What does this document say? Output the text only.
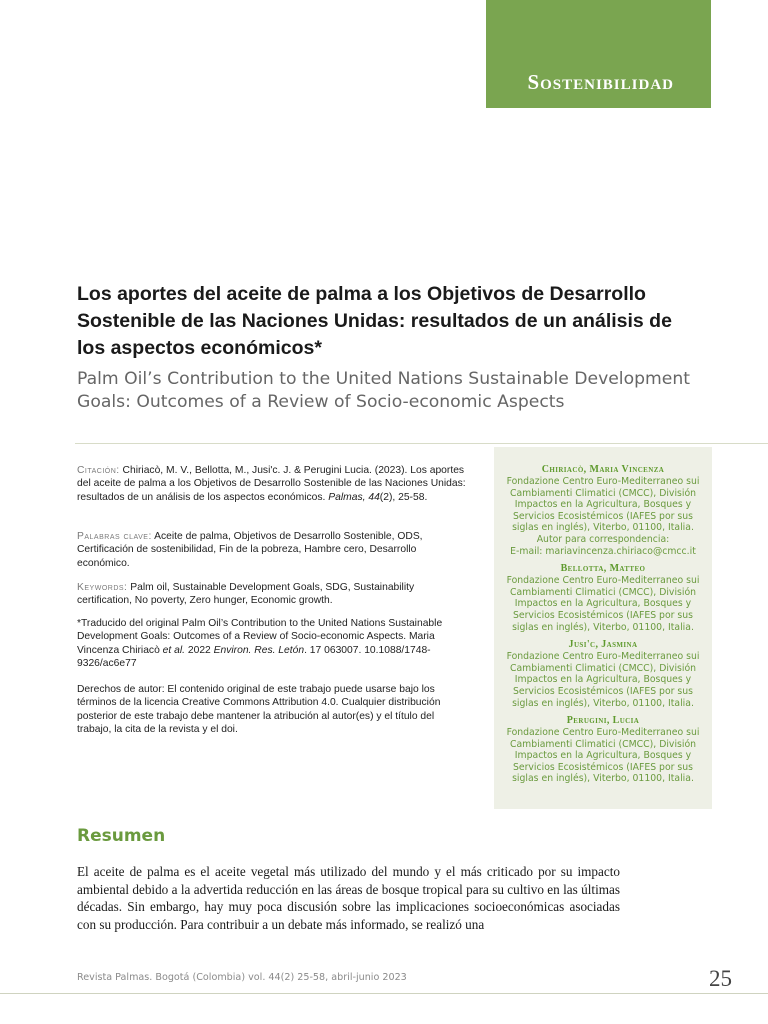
Sostenibilidad
Los aportes del aceite de palma a los Objetivos de Desarrollo Sostenible de las Naciones Unidas: resultados de un análisis de los aspectos económicos*
Palm Oil’s Contribution to the United Nations Sustainable Development Goals: Outcomes of a Review of Socio-economic Aspects

Citación: Chiriacò, M. V., Bellotta, M., Jusi'c. J. & Perugini Lucia. (2023). Los aportes del aceite de palma a los Objetivos de Desarrollo Sostenible de las Naciones Unidas: resultados de un análisis de los aspectos económicos. Palmas, 44(2), 25-58.

Palabras clave: Aceite de palma, Objetivos de Desarrollo Sostenible, ODS, Certificación de sostenibilidad, Fin de la pobreza, Hambre cero, Desarrollo económico.

Keywords: Palm oil, Sustainable Development Goals, SDG, Sustainability certification, No poverty, Zero hunger, Economic growth.

*Traducido del original Palm Oil’s Contribution to the United Nations Sustainable Development Goals: Outcomes of a Review of Socio-economic Aspects. Maria Vincenza Chiriacò et al. 2022 Environ. Res. Letón. 17 063007. 10.1088/1748-9326/ac6e77

Derechos de autor: El contenido original de este trabajo puede usarse bajo los términos de la licencia Creative Commons Attribution 4.0. Cualquier distribución posterior de este trabajo debe mantener la atribución al autor(es) y el título del trabajo, la cita de la revista y el doi.

Chiriacò, Maria Vincenza
Fondazione Centro Euro-Mediterraneo sui Cambiamenti Climatici (CMCC), División Impactos en la Agricultura, Bosques y Servicios Ecosistémicos (IAFES por sus siglas en inglés), Viterbo, 01100, Italia.
Autor para correspondencia:
E-mail: mariavincenza.chiriaco@cmcc.it
Bellotta, Matteo
Fondazione Centro Euro-Mediterraneo sui Cambiamenti Climatici (CMCC), División Impactos en la Agricultura, Bosques y Servicios Ecosistémicos (IAFES por sus siglas en inglés), Viterbo, 01100, Italia.
Jusi'c, Jasmina
Fondazione Centro Euro-Mediterraneo sui Cambiamenti Climatici (CMCC), División Impactos en la Agricultura, Bosques y Servicios Ecosistémicos (IAFES por sus siglas en inglés), Viterbo, 01100, Italia.
Perugini, Lucia
Fondazione Centro Euro-Mediterraneo sui Cambiamenti Climatici (CMCC), División Impactos en la Agricultura, Bosques y Servicios Ecosistémicos (IAFES por sus siglas en inglés), Viterbo, 01100, Italia.
Resumen

El aceite de palma es el aceite vegetal más utilizado del mundo y el más criticado por su impacto ambiental debido a la advertida reducción en las áreas de bosque tropical para su cultivo en las últimas décadas. Sin embargo, hay muy poca discusión sobre las implicaciones socioeconómicas asociadas con su producción. Para contribuir a un debate más informado, se realizó una

Revista Palmas. Bogotá (Colombia) vol. 44(2) 25-58, abril-junio 2023	25
